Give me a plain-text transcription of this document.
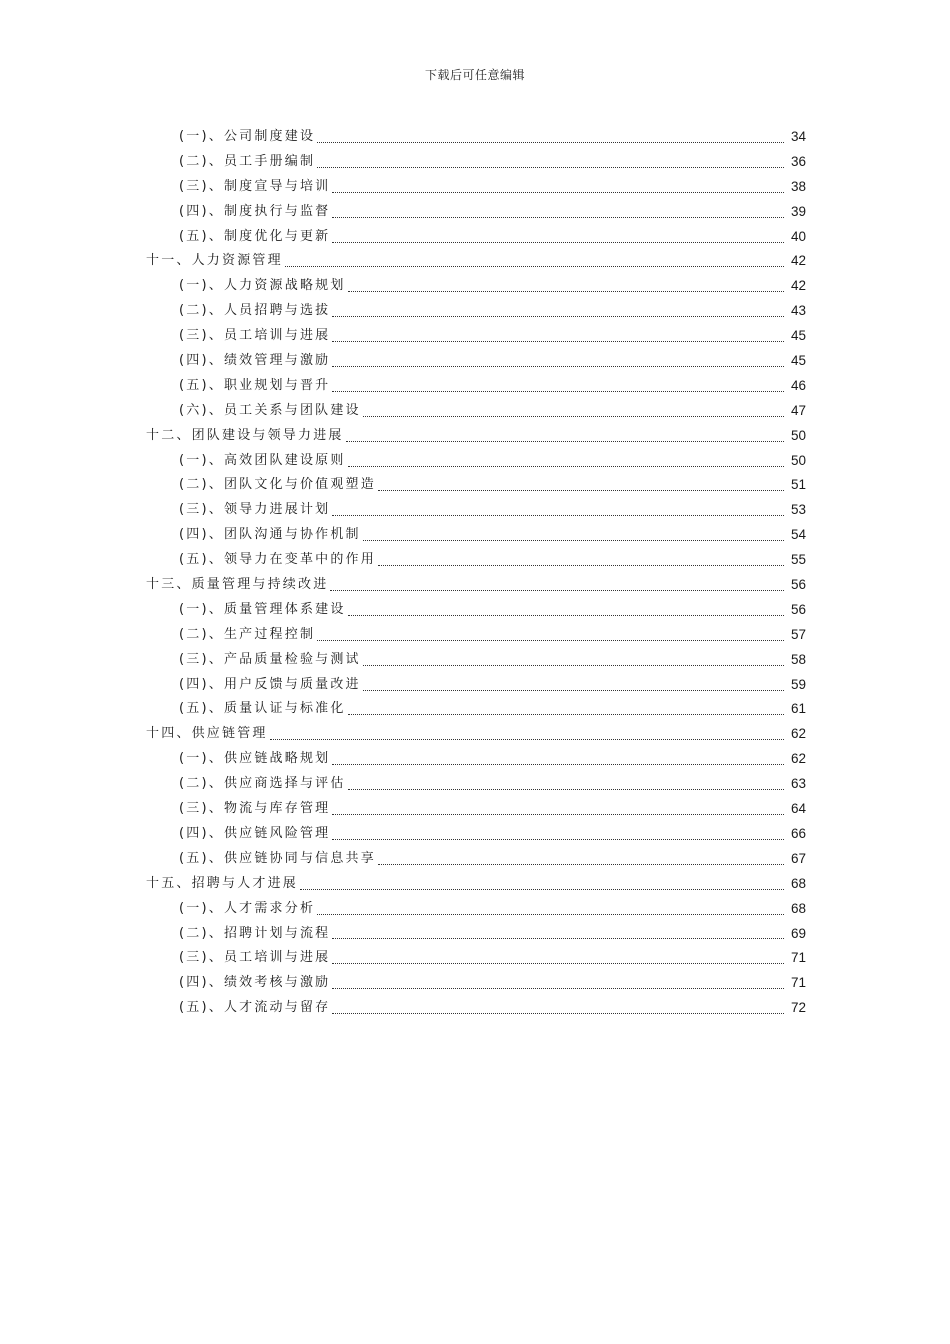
下载后可任意编辑
(一)、公司制度建设	34
(二)、员工手册编制	36
(三)、制度宣导与培训	38
(四)、制度执行与监督	39
(五)、制度优化与更新	40
十一、人力资源管理	42
(一)、人力资源战略规划	42
(二)、人员招聘与选拔	43
(三)、员工培训与进展	45
(四)、绩效管理与激励	45
(五)、职业规划与晋升	46
(六)、员工关系与团队建设	47
十二、团队建设与领导力进展	50
(一)、高效团队建设原则	50
(二)、团队文化与价值观塑造	51
(三)、领导力进展计划	53
(四)、团队沟通与协作机制	54
(五)、领导力在变革中的作用	55
十三、质量管理与持续改进	56
(一)、质量管理体系建设	56
(二)、生产过程控制	57
(三)、产品质量检验与测试	58
(四)、用户反馈与质量改进	59
(五)、质量认证与标准化	61
十四、供应链管理	62
(一)、供应链战略规划	62
(二)、供应商选择与评估	63
(三)、物流与库存管理	64
(四)、供应链风险管理	66
(五)、供应链协同与信息共享	67
十五、招聘与人才进展	68
(一)、人才需求分析	68
(二)、招聘计划与流程	69
(三)、员工培训与进展	71
(四)、绩效考核与激励	71
(五)、人才流动与留存	72
